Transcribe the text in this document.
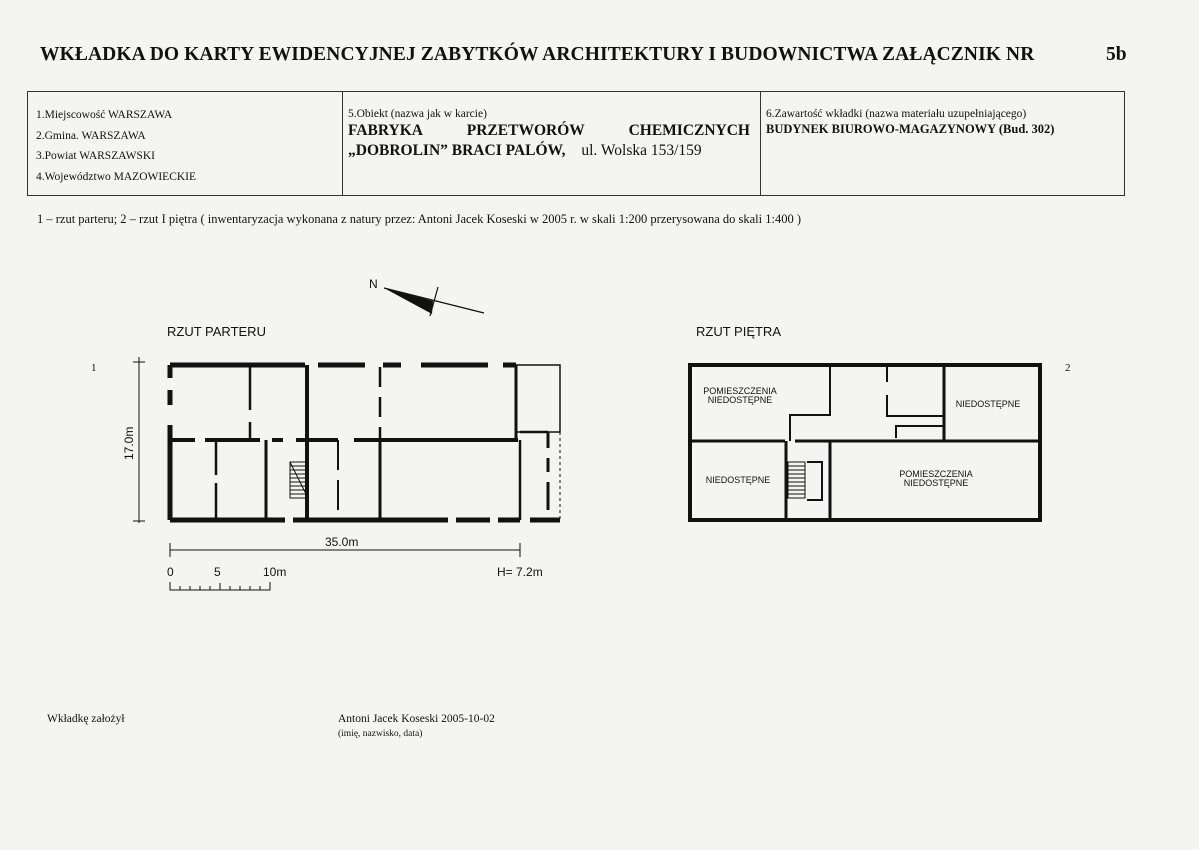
WKŁADKA DO KARTY EWIDENCYJNEJ ZABYTKÓW ARCHITEKTURY I BUDOWNICTWA ZAŁĄCZNIK NR	5b
1.Miejscowość WARSZAWA
2.Gmina. WARSZAWA
3.Powiat WARSZAWSKI
4.Województwo MAZOWIECKIE
5.Obiekt (nazwa jak w karcie)
FABRYKA	PRZETWORÓW	CHEMICZNYCH
„DOBROLIN” BRACI PALÓW, ul. Wolska 153/159
6.Zawartość wkładki (nazwa materiału uzupełniającego)
BUDYNEK BIUROWO-MAGAZYNOWY (Bud. 302)
1 – rzut parteru; 2 – rzut I piętra ( inwentaryzacja wykonana z natury przez: Antoni Jacek Koseski w 2005 r. w skali 1:200 przerysowana do skali 1:400 )
N
RZUT PARTERU
1
17.0m
35.0m
0	5	10m	H= 7.2m
RZUT PIĘTRA
2
POMIESZCZENIA
NIEDOSTĘPNE	NIEDOSTĘPNE
NIEDOSTĘPNE
POMIESZCZENIA
NIEDOSTĘPNE
Wkładkę założył	Antoni Jacek Koseski 2005-10-02
(imię, nazwisko, data)
